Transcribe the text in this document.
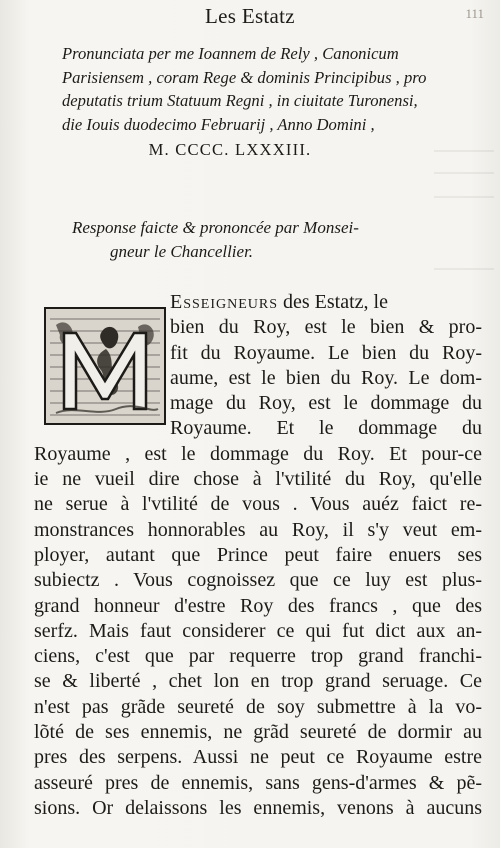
Les Estatz	111
Pronunciata per me Ioannem de Rely , Canonicum
Parisiensem , coram Rege & dominis Principibus , pro
deputatis trium Statuum Regni , in ciuitate Turonensi,
die Iouis duodecimo Februarij , Anno Domini ,
M. CCCC. LXXXIII.
Response faicte & prononcée par Monsei-
gneur le Chancellier.
Esseigneurs des Estatz, le
bien du Roy, est le bien & pro-
fit du Royaume. Le bien du Roy-
aume, est le bien du Roy. Le dom-
mage du Roy, est le dommage du
Royaume. Et le dommage du
Royaume , est le dommage du Roy. Et pour-ce
ie ne vueil dire chose à l'vtilité du Roy, qu'elle
ne serue à l'vtilité de vous . Vous auéz faict re-
monstrances honnorables au Roy, il s'y veut em-
ployer, autant que Prince peut faire enuers ses
subiectz . Vous cognoissez que ce luy est plus-
grand honneur d'estre Roy des francs , que des
serfz. Mais faut considerer ce qui fut dict aux an-
ciens, c'est que par requerre trop grand franchi-
se & liberté , chet lon en trop grand seruage. Ce
n'est pas grãde seureté de soy submettre à la vo-
lõté de ses ennemis, ne grãd seureté de dormir au
pres des serpens. Aussi ne peut ce Royaume estre
asseuré pres de ennemis, sans gens-d'armes & pẽ-
sions. Or delaissons les ennemis, venons à aucuns
